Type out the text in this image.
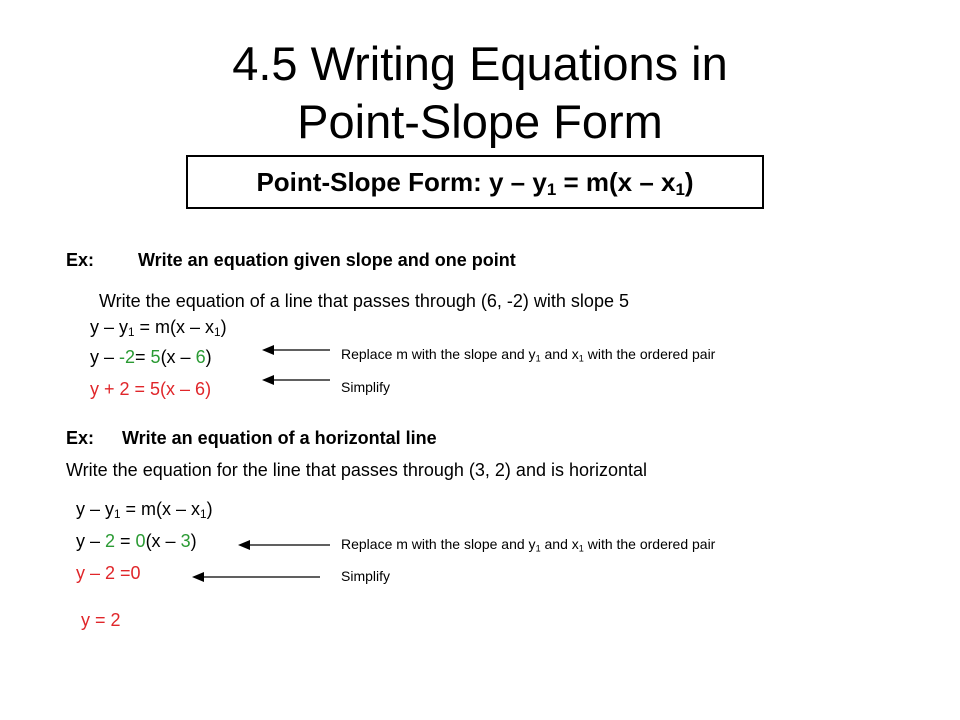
4.5 Writing Equations in
Point-Slope Form
Point-Slope Form: $y - y_1 = m(x - x_1)$
Ex: Write an equation given slope and one point
Write the equation of a line that passes through (6, -2) with slope 5
$y - y_1 = m(x - x_1)$
y – -2= 5(x – 6)
y + 2 = 5(x – 6)
Replace m with the slope and $y_1$ and $x_1$ with the ordered pair
Simplify
Ex: Write an equation of a horizontal line
Write the equation for the line that passes through (3, 2) and is horizontal
$y - y_1 = m(x - x_1)$
y – 2 = 0(x – 3)
y – 2 =0
y = 2
Replace m with the slope and $y_1$ and $x_1$ with the ordered pair
Simplify
